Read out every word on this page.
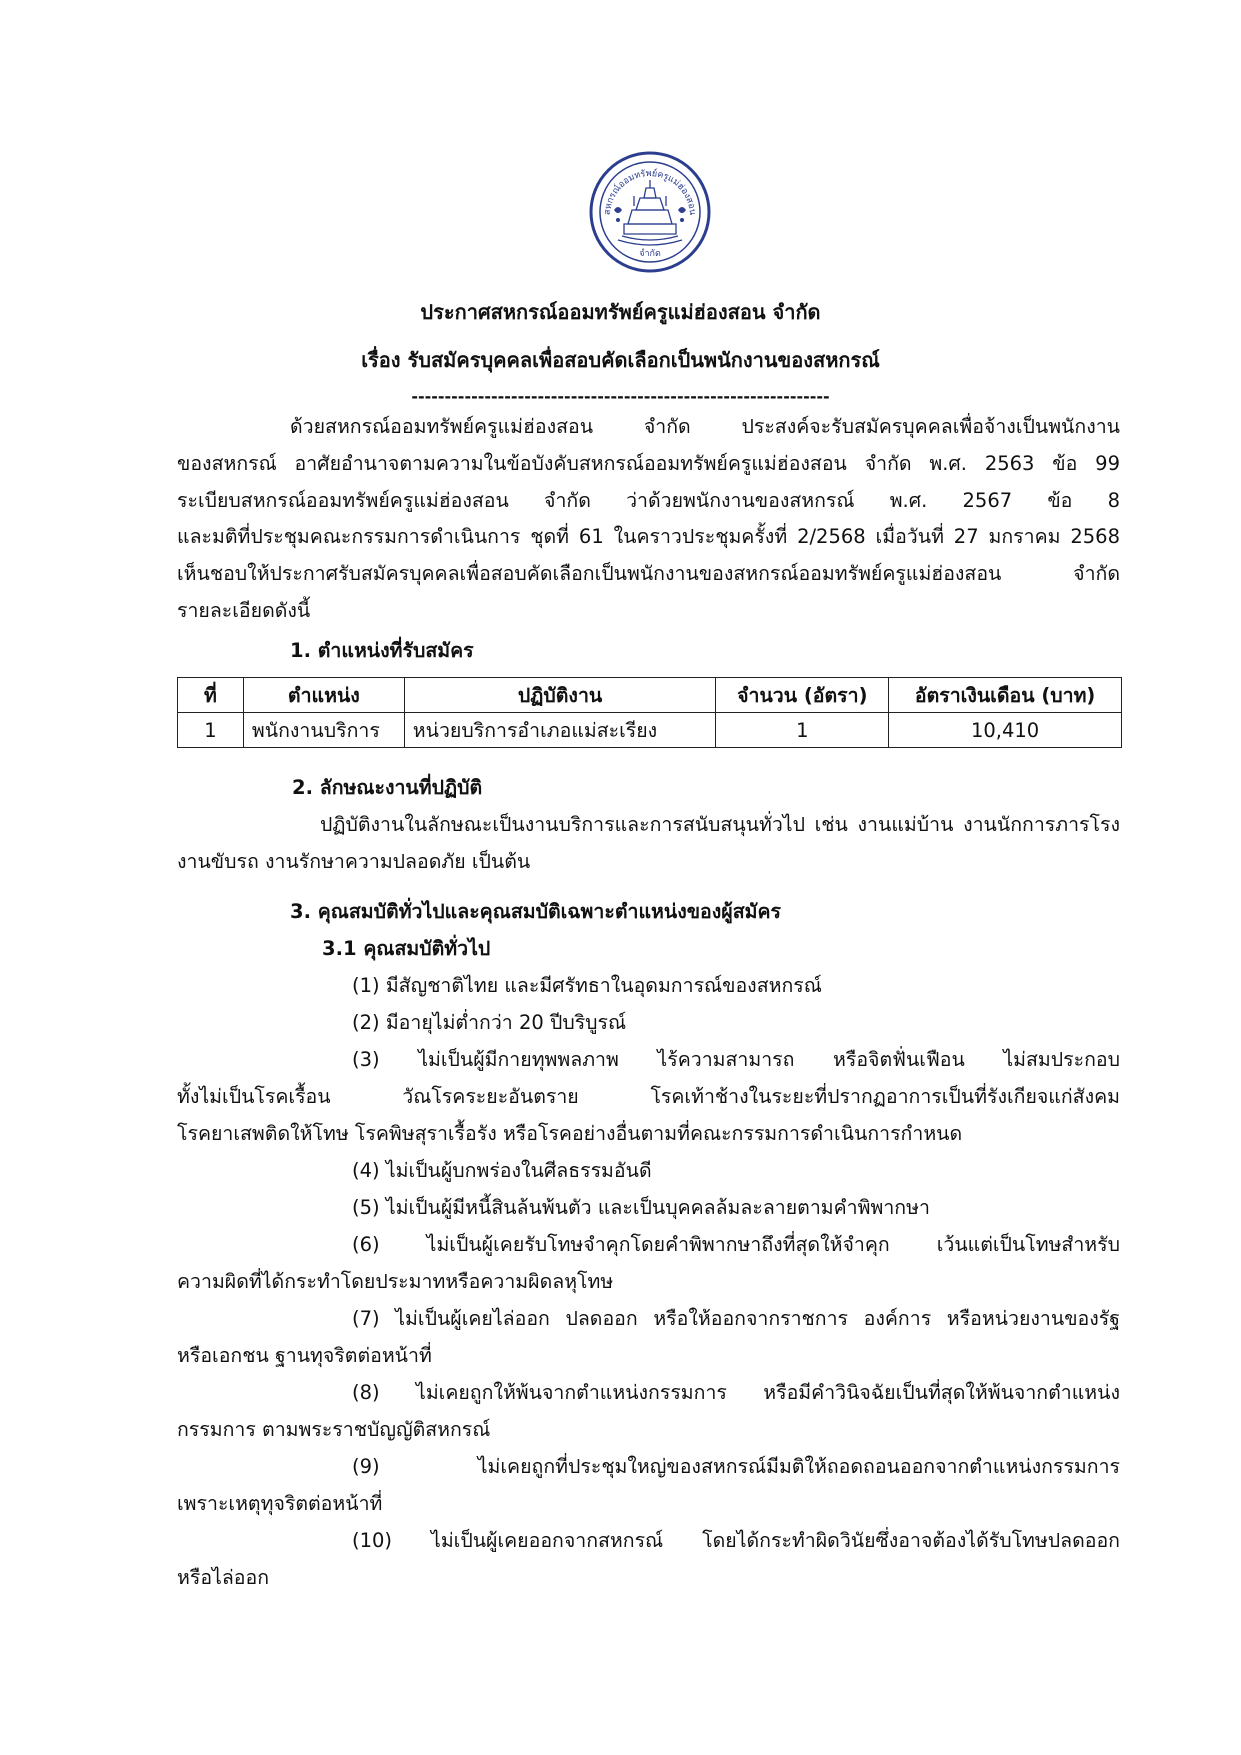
สหกรณ์ออมทรัพย์ครูแม่ฮ่องสอน
จำกัด
ประกาศสหกรณ์ออมทรัพย์ครูแม่ฮ่องสอน จำกัด
เรื่อง รับสมัครบุคคลเพื่อสอบคัดเลือกเป็นพนักงานของสหกรณ์
---------------------------------------------------------------
ด้วยสหกรณ์ออมทรัพย์ครูแม่ฮ่องสอน จำกัด ประสงค์จะรับสมัครบุคคลเพื่อจ้างเป็นพนักงาน
ของสหกรณ์ อาศัยอำนาจตามความในข้อบังคับสหกรณ์ออมทรัพย์ครูแม่ฮ่องสอน จำกัด พ.ศ. 2563 ข้อ 99
ระเบียบสหกรณ์ออมทรัพย์ครูแม่ฮ่องสอน จำกัด ว่าด้วยพนักงานของสหกรณ์ พ.ศ. 2567 ข้อ 8
และมติที่ประชุมคณะกรรมการดำเนินการ ชุดที่ 61 ในคราวประชุมครั้งที่ 2/2568 เมื่อวันที่ 27 มกราคม 2568
เห็นชอบให้ประกาศรับสมัครบุคคลเพื่อสอบคัดเลือกเป็นพนักงานของสหกรณ์ออมทรัพย์ครูแม่ฮ่องสอน จำกัด
รายละเอียดดังนี้
1. ตำแหน่งที่รับสมัคร
ที่	ตำแหน่ง	ปฏิบัติงาน	จำนวน (อัตรา)	อัตราเงินเดือน (บาท)
1	พนักงานบริการ	หน่วยบริการอำเภอแม่สะเรียง	1	10,410
2. ลักษณะงานที่ปฏิบัติ
ปฏิบัติงานในลักษณะเป็นงานบริการและการสนับสนุนทั่วไป เช่น งานแม่บ้าน งานนักการภารโรง
งานขับรถ งานรักษาความปลอดภัย เป็นต้น
3. คุณสมบัติทั่วไปและคุณสมบัติเฉพาะตำแหน่งของผู้สมัคร
3.1 คุณสมบัติทั่วไป
(1) มีสัญชาติไทย และมีศรัทธาในอุดมการณ์ของสหกรณ์
(2) มีอายุไม่ต่ำกว่า 20 ปีบริบูรณ์
(3) ไม่เป็นผู้มีกายทุพพลภาพ ไร้ความสามารถ หรือจิตฟั่นเฟือน ไม่สมประกอบ
ทั้งไม่เป็นโรคเรื้อน วัณโรคระยะอันตราย โรคเท้าช้างในระยะที่ปรากฏอาการเป็นที่รังเกียจแก่สังคม
โรคยาเสพติดให้โทษ โรคพิษสุราเรื้อรัง หรือโรคอย่างอื่นตามที่คณะกรรมการดำเนินการกำหนด
(4) ไม่เป็นผู้บกพร่องในศีลธรรมอันดี
(5) ไม่เป็นผู้มีหนี้สินล้นพ้นตัว และเป็นบุคคลล้มละลายตามคำพิพากษา
(6) ไม่เป็นผู้เคยรับโทษจำคุกโดยคำพิพากษาถึงที่สุดให้จำคุก เว้นแต่เป็นโทษสำหรับ
ความผิดที่ได้กระทำโดยประมาทหรือความผิดลหุโทษ
(7) ไม่เป็นผู้เคยไล่ออก ปลดออก หรือให้ออกจากราชการ องค์การ หรือหน่วยงานของรัฐ
หรือเอกชน ฐานทุจริตต่อหน้าที่
(8) ไม่เคยถูกให้พ้นจากตำแหน่งกรรมการ หรือมีคำวินิจฉัยเป็นที่สุดให้พ้นจากตำแหน่ง
กรรมการ ตามพระราชบัญญัติสหกรณ์
(9) ไม่เคยถูกที่ประชุมใหญ่ของสหกรณ์มีมติให้ถอดถอนออกจากตำแหน่งกรรมการ
เพราะเหตุทุจริตต่อหน้าที่
(10) ไม่เป็นผู้เคยออกจากสหกรณ์ โดยได้กระทำผิดวินัยซึ่งอาจต้องได้รับโทษปลดออก
หรือไล่ออก
